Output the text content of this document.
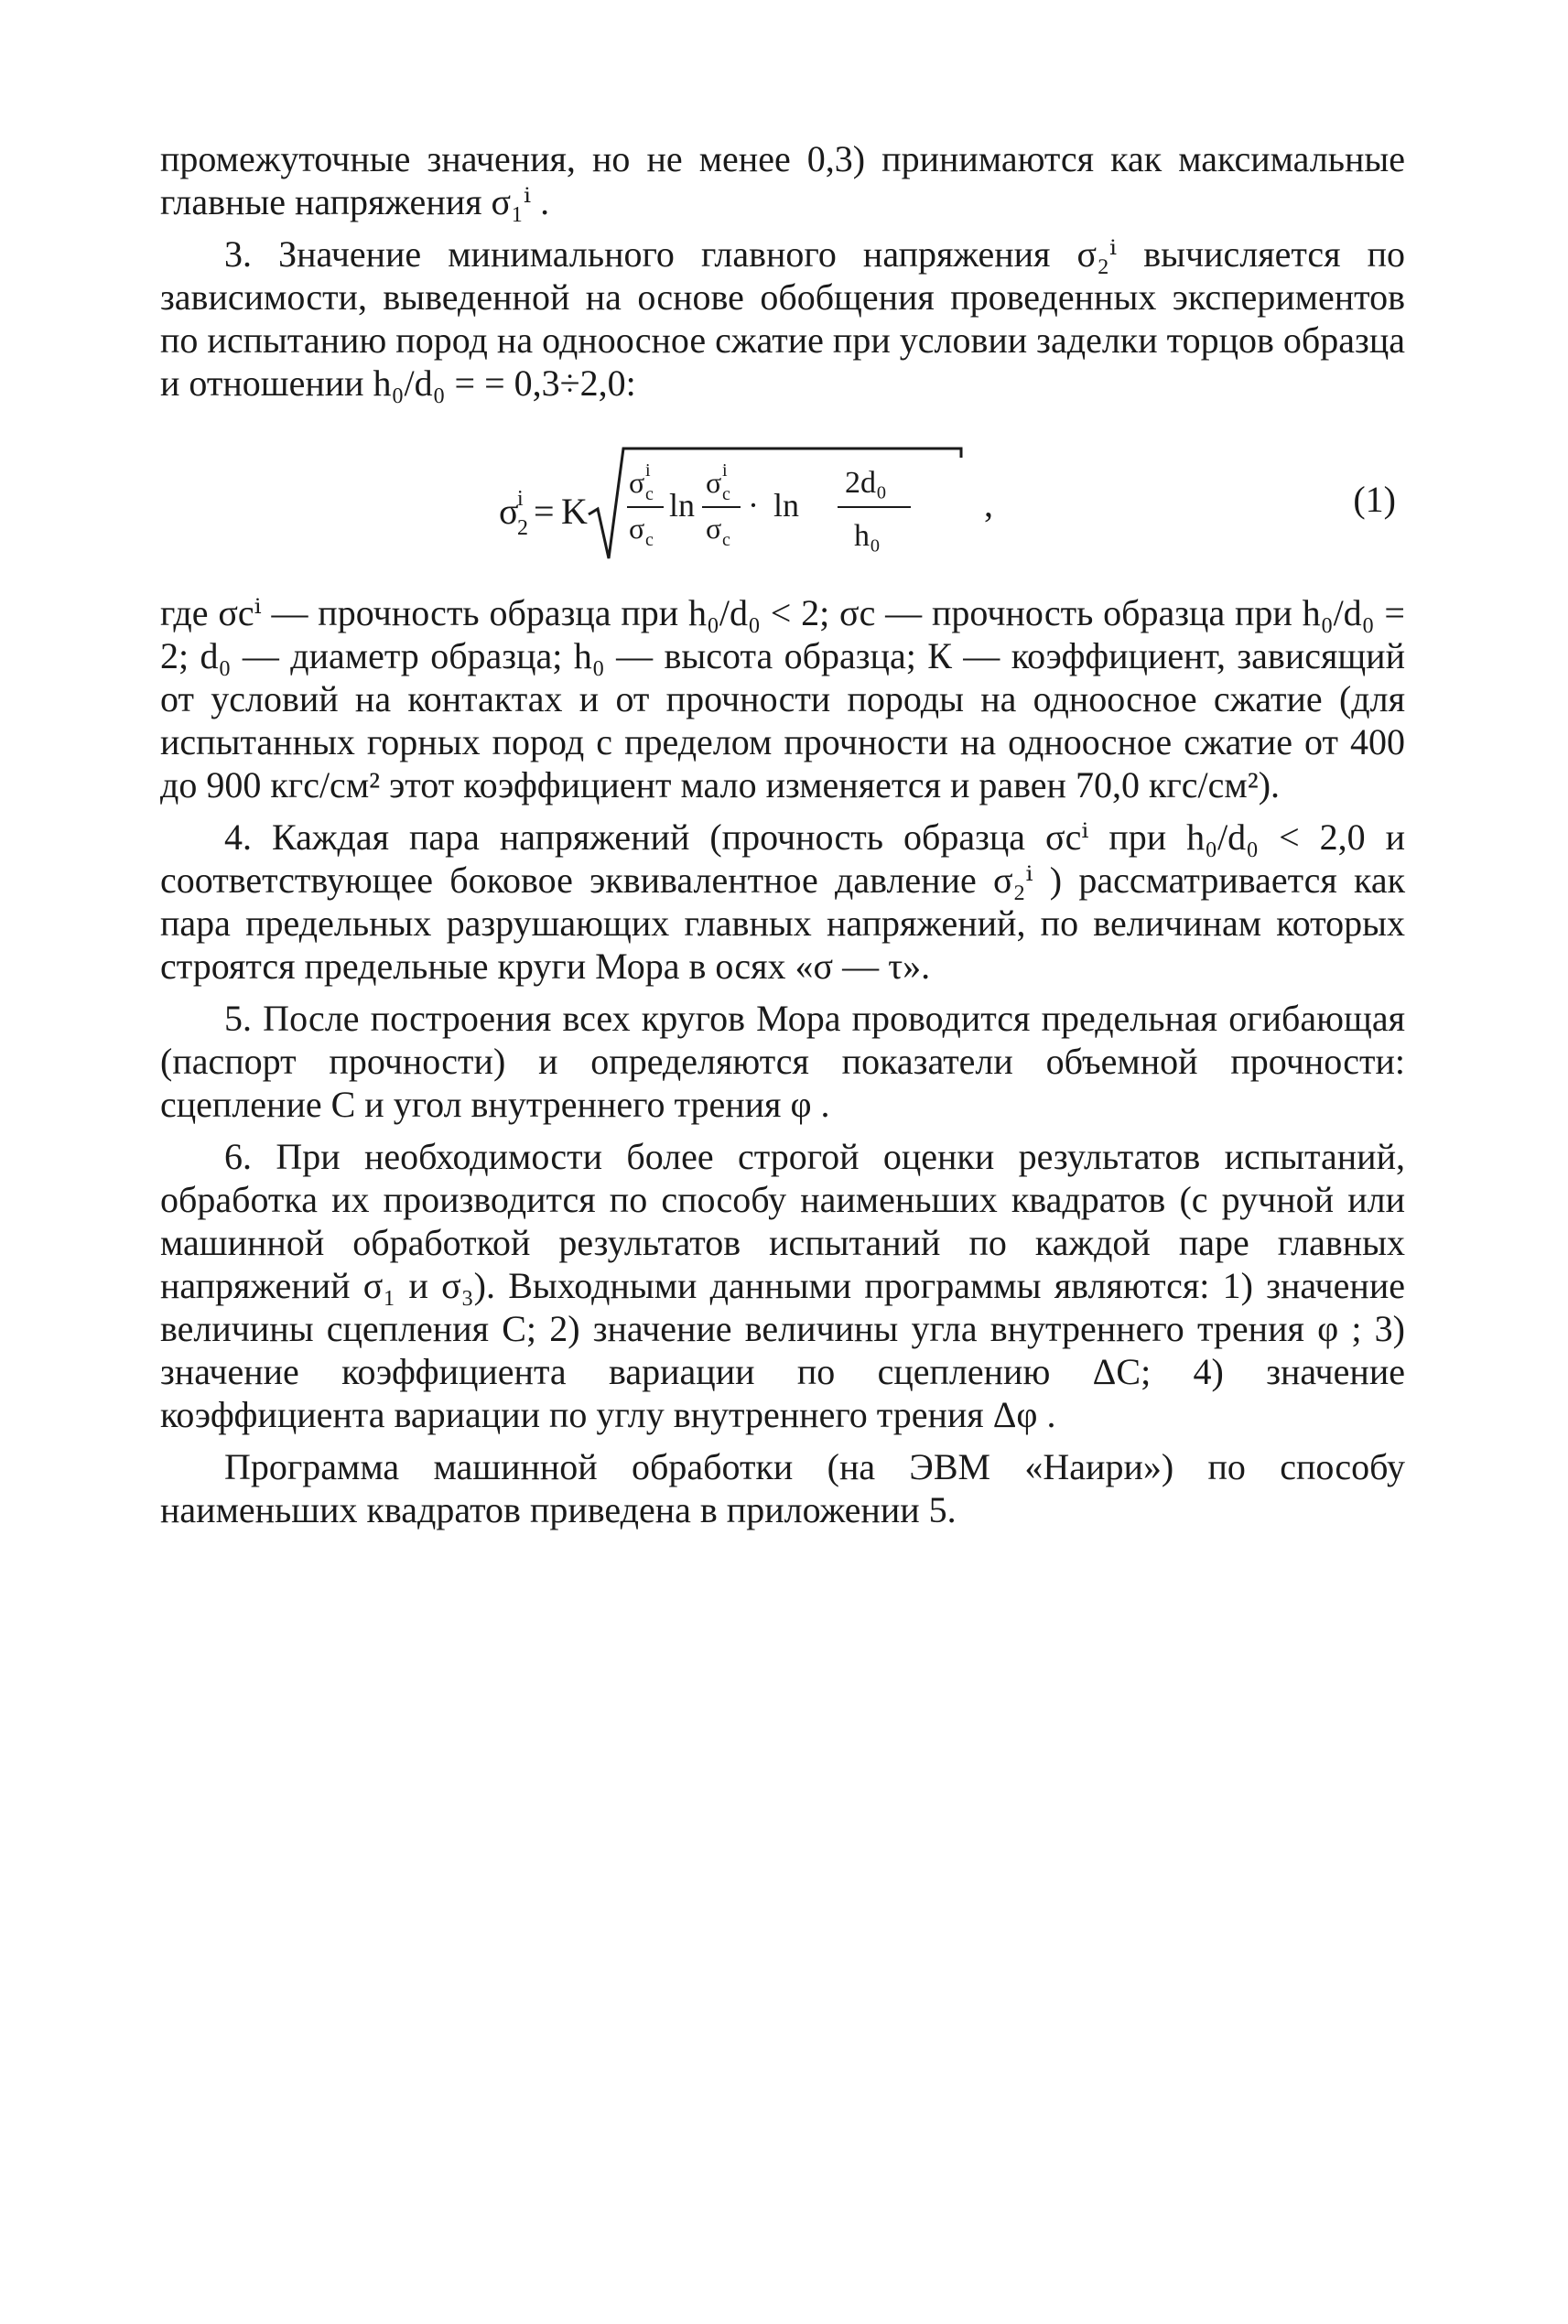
промежуточные значения, но не менее 0,3) принимаются как максимальные главные напряжения σ₁ⁱ .

3. Значение минимального главного напряжения σ₂ⁱ вычисляется по зависимости, выведенной на основе обобщения проведенных экспериментов по испытанию пород на одноосное сжатие при условии заделки торцов образца и отношении h₀/d₀ = = 0,3÷2,0:

σ
i
2 = K
σ i
c
σ c
ln
σ i
c
σ c
· ln
2d₀
h₀
,	(1)

где σcⁱ — прочность образца при h₀/d₀ < 2; σc — прочность образца при h₀/d₀ = 2; d₀ — диаметр образца; h₀ — высота образца; К — коэффициент, зависящий от условий на контактах и от прочности породы на одноосное сжатие (для испытанных горных пород с пределом прочности на одноосное сжатие от 400 до 900 кгс/см² этот коэффициент мало изменяется и равен 70,0 кгс/см²).

4. Каждая пара напряжений (прочность образца σcⁱ при h₀/d₀ < 2,0 и соответствующее боковое эквивалентное давление σ₂ⁱ ) рассматривается как пара предельных разрушающих главных напряжений, по величинам которых строятся предельные круги Мора в осях «σ — τ».

5. После построения всех кругов Мора проводится предельная огибающая (паспорт прочности) и определяются показатели объемной прочности: сцепление C и угол внутреннего трения φ .

6. При необходимости более строгой оценки результатов испытаний, обработка их производится по способу наименьших квадратов (с ручной или машинной обработкой результатов испытаний по каждой паре главных напряжений σ₁ и σ₃). Выходными данными программы являются: 1) значение величины сцепления C; 2) значение величины угла внутреннего трения φ ; 3) значение коэффициента вариации по сцеплению ΔC; 4) значение коэффициента вариации по углу внутреннего трения Δφ .

Программа машинной обработки (на ЭВМ «Наири») по способу наименьших квадратов приведена в приложении 5.
